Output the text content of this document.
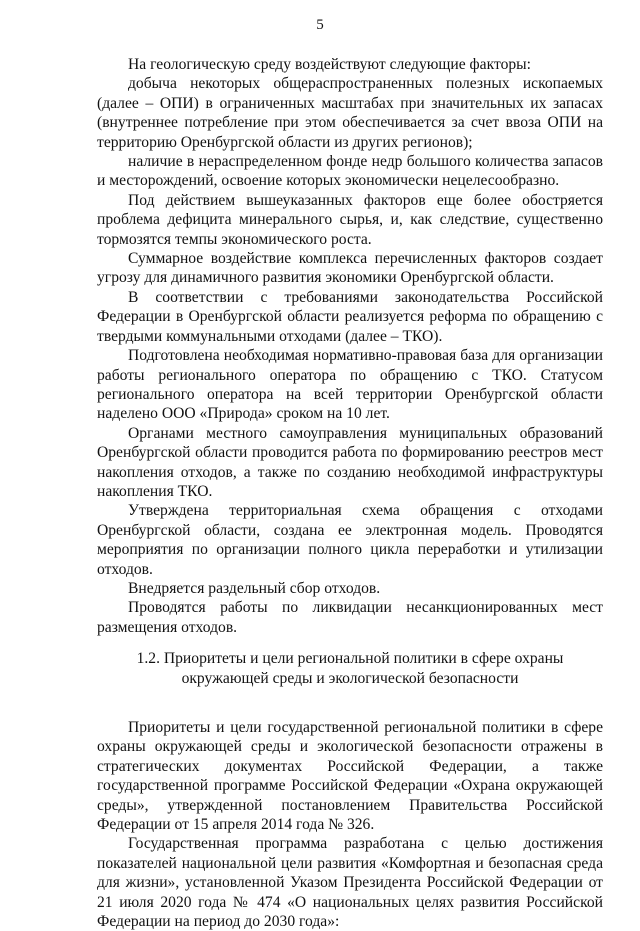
5

На геологическую среду воздействуют следующие факторы:

добыча некоторых общераспространенных полезных ископаемых (далее – ОПИ) в ограниченных масштабах при значительных их запасах (внутреннее потребление при этом обеспечивается за счет ввоза ОПИ на территорию Оренбургской области из других регионов);

наличие в нераспределенном фонде недр большого количества запасов и месторождений, освоение которых экономически нецелесообразно.

Под действием вышеуказанных факторов еще более обостряется проблема дефицита минерального сырья, и, как следствие, существенно тормозятся темпы экономического роста.

Суммарное воздействие комплекса перечисленных факторов создает угрозу для динамичного развития экономики Оренбургской области.

В соответствии с требованиями законодательства Российской Федерации в Оренбургской области реализуется реформа по обращению с твердыми коммунальными отходами (далее – ТКО).

Подготовлена необходимая нормативно-правовая база для организации работы регионального оператора по обращению с ТКО. Статусом регионального оператора на всей территории Оренбургской области наделено ООО «Природа» сроком на 10 лет.

Органами местного самоуправления муниципальных образований Оренбургской области проводится работа по формированию реестров мест накопления отходов, а также по созданию необходимой инфраструктуры накопления ТКО.

Утверждена территориальная схема обращения с отходами Оренбургской области, создана ее электронная модель. Проводятся мероприятия по организации полного цикла переработки и утилизации отходов.

Внедряется раздельный сбор отходов.

Проводятся работы по ликвидации несанкционированных мест размещения отходов.

1.2. Приоритеты и цели региональной политики в сфере охраны
окружающей среды и экологической безопасности

Приоритеты и цели государственной региональной политики в сфере охраны окружающей среды и экологической безопасности отражены в стратегических документах Российской Федерации, а также государственной программе Российской Федерации «Охрана окружающей среды», утвержденной постановлением Правительства Российской Федерации от 15 апреля 2014 года № 326.

Государственная программа разработана с целью достижения показателей национальной цели развития «Комфортная и безопасная среда для жизни», установленной Указом Президента Российской Федерации от 21 июля 2020 года № 474 «О национальных целях развития Российской Федерации на период до 2030 года»:
